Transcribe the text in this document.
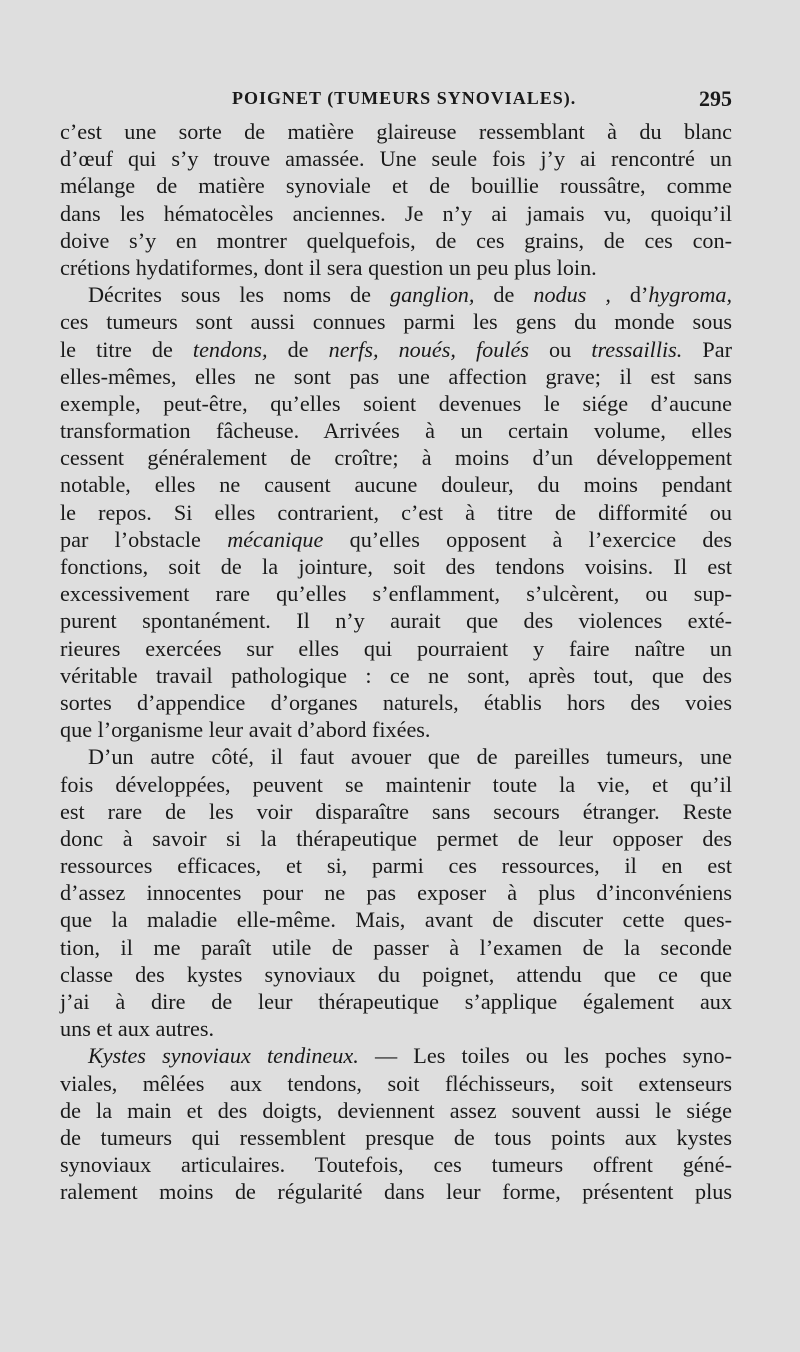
POIGNET (TUMEURS SYNOVIALES).	295
c’est une sorte de matière glaireuse ressemblant à du blanc
d’œuf qui s’y trouve amassée. Une seule fois j’y ai rencontré un
mélange de matière synoviale et de bouillie roussâtre, comme
dans les hématocèles anciennes. Je n’y ai jamais vu, quoiqu’il
doive s’y en montrer quelquefois, de ces grains, de ces con-
crétions hydatiformes, dont il sera question un peu plus loin.
Décrites sous les noms de ganglion, de nodus , d’hygroma,
ces tumeurs sont aussi connues parmi les gens du monde sous
le titre de tendons, de nerfs, noués, foulés ou tressaillis. Par
elles-mêmes, elles ne sont pas une affection grave; il est sans
exemple, peut-être, qu’elles soient devenues le siége d’aucune
transformation fâcheuse. Arrivées à un certain volume, elles
cessent généralement de croître; à moins d’un développement
notable, elles ne causent aucune douleur, du moins pendant
le repos. Si elles contrarient, c’est à titre de difformité ou
par l’obstacle mécanique qu’elles opposent à l’exercice des
fonctions, soit de la jointure, soit des tendons voisins. Il est
excessivement rare qu’elles s’enflamment, s’ulcèrent, ou sup-
purent spontanément. Il n’y aurait que des violences exté-
rieures exercées sur elles qui pourraient y faire naître un
véritable travail pathologique : ce ne sont, après tout, que des
sortes d’appendice d’organes naturels, établis hors des voies
que l’organisme leur avait d’abord fixées.
D’un autre côté, il faut avouer que de pareilles tumeurs, une
fois développées, peuvent se maintenir toute la vie, et qu’il
est rare de les voir disparaître sans secours étranger. Reste
donc à savoir si la thérapeutique permet de leur opposer des
ressources efficaces, et si, parmi ces ressources, il en est
d’assez innocentes pour ne pas exposer à plus d’inconvéniens
que la maladie elle-même. Mais, avant de discuter cette ques-
tion, il me paraît utile de passer à l’examen de la seconde
classe des kystes synoviaux du poignet, attendu que ce que
j’ai à dire de leur thérapeutique s’applique également aux
uns et aux autres.
Kystes synoviaux tendineux. — Les toiles ou les poches syno-
viales, mêlées aux tendons, soit fléchisseurs, soit extenseurs
de la main et des doigts, deviennent assez souvent aussi le siége
de tumeurs qui ressemblent presque de tous points aux kystes
synoviaux articulaires. Toutefois, ces tumeurs offrent géné-
ralement moins de régularité dans leur forme, présentent plus
